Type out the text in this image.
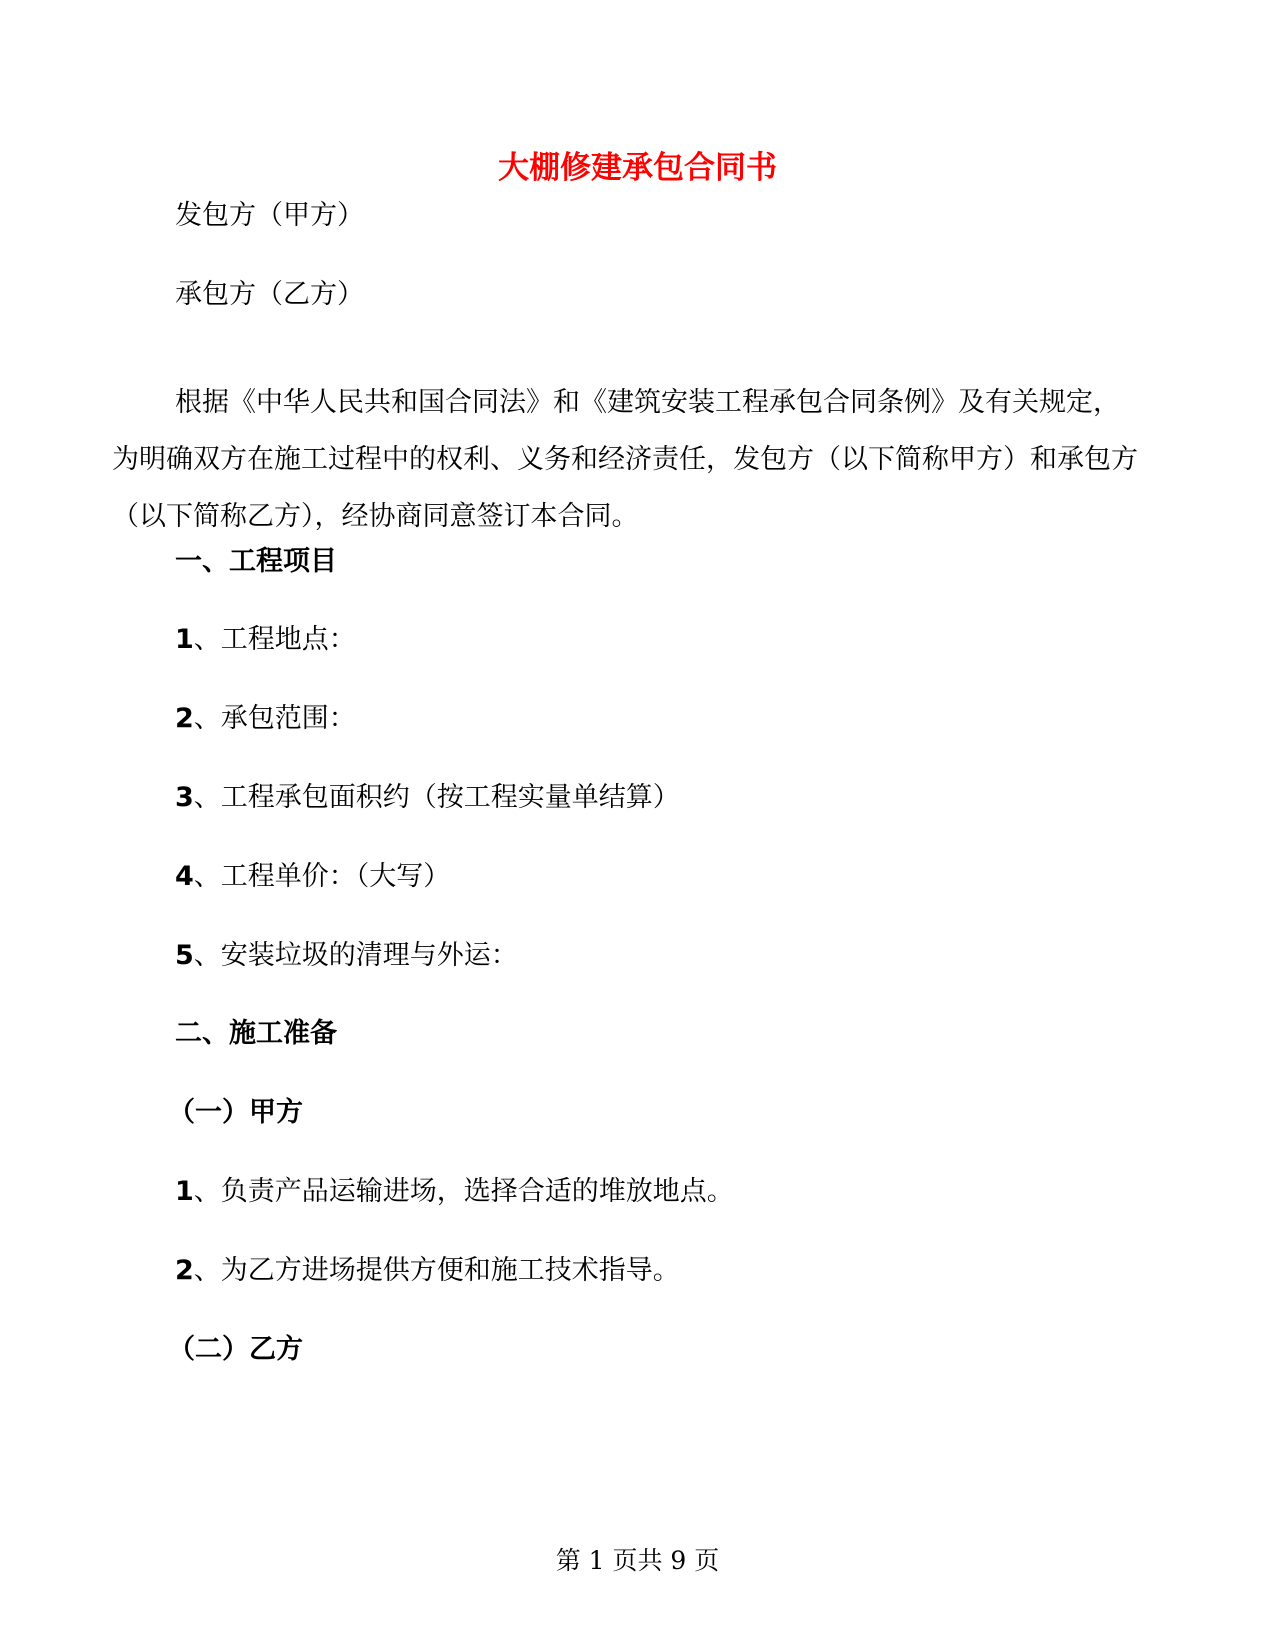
大棚修建承包合同书

发包方（甲方）

承包方（乙方）

根据《中华人民共和国合同法》和《建筑安装工程承包合同条例》及有关规定，为明确双方在施工过程中的权利、义务和经济责任，发包方（以下简称甲方）和承包方（以下简称乙方），经协商同意签订本合同。

一、工程项目

1、工程地点：

2、承包范围：

3、工程承包面积约（按工程实量单结算）

4、工程单价：（大写）

5、安装垃圾的清理与外运：

二、施工准备

（一）甲方

1、负责产品运输进场，选择合适的堆放地点。

2、为乙方进场提供方便和施工技术指导。

（二）乙方

第 1 页共 9 页
